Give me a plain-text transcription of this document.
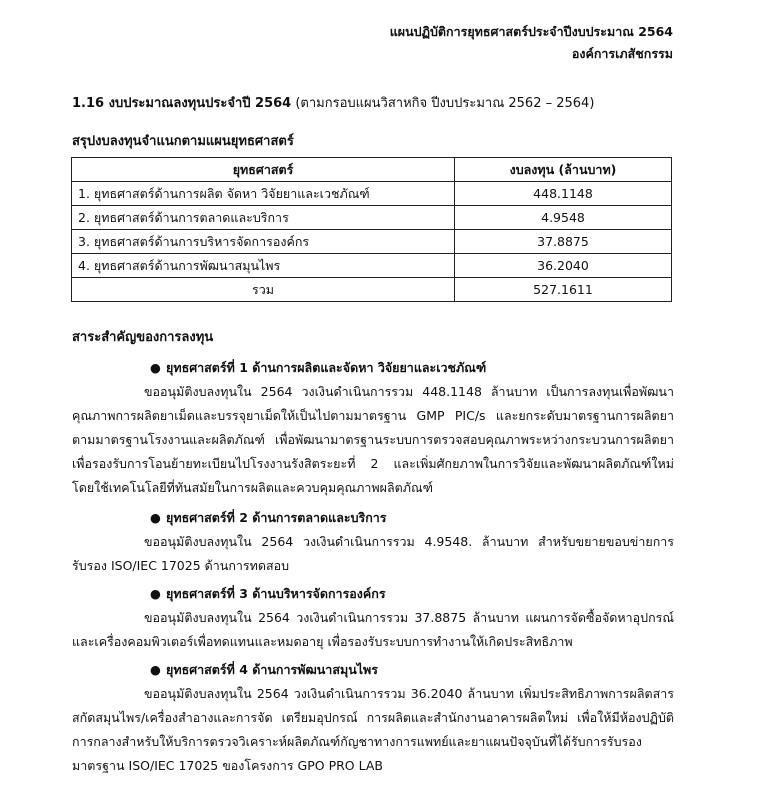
แผนปฏิบัติการยุทธศาสตร์ประจำปีงบประมาณ 2564
องค์การเภสัชกรรม
1.16 งบประมาณลงทุนประจำปี 2564 (ตามกรอบแผนวิสาหกิจ ปีงบประมาณ 2562 – 2564)
สรุปงบลงทุนจำแนกตามแผนยุทธศาสตร์
ยุทธศาสตร์	งบลงทุน (ล้านบาท)
1. ยุทธศาสตร์ด้านการผลิต จัดหา วิจัยยาและเวชภัณฑ์	448.1148
2. ยุทธศาสตร์ด้านการตลาดและบริการ	4.9548
3. ยุทธศาสตร์ด้านการบริหารจัดการองค์กร	37.8875
4. ยุทธศาสตร์ด้านการพัฒนาสมุนไพร	36.2040
รวม	527.1611
สาระสำคัญของการลงทุน
● ยุทธศาสตร์ที่ 1 ด้านการผลิตและจัดหา วิจัยยาและเวชภัณฑ์

ขออนุมัติงบลงทุนใน 2564 วงเงินดำเนินการรวม 448.1148 ล้านบาท เป็นการลงทุนเพื่อพัฒนาคุณภาพการผลิตยาเม็ดและบรรจุยาเม็ดให้เป็นไปตามมาตรฐาน GMP PIC/s และยกระดับมาตรฐานการผลิตยาตามมาตรฐานโรงงานและผลิตภัณฑ์ เพื่อพัฒนามาตรฐานระบบการตรวจสอบคุณภาพระหว่างกระบวนการผลิตยา เพื่อรองรับการโอนย้ายทะเบียนไปโรงงานรังสิตระยะที่ 2 และเพิ่มศักยภาพในการวิจัยและพัฒนาผลิตภัณฑ์ใหม่ โดยใช้เทคโนโลยีที่ทันสมัยในการผลิตและควบคุมคุณภาพผลิตภัณฑ์

● ยุทธศาสตร์ที่ 2 ด้านการตลาดและบริการ

ขออนุมัติงบลงทุนใน 2564 วงเงินดำเนินการรวม 4.9548. ล้านบาท สำหรับขยายขอบข่ายการรับรอง ISO/IEC 17025 ด้านการทดสอบ

● ยุทธศาสตร์ที่ 3 ด้านบริหารจัดการองค์กร

ขออนุมัติงบลงทุนใน 2564 วงเงินดำเนินการรวม 37.8875 ล้านบาท แผนการจัดซื้อจัดหาอุปกรณ์และเครื่องคอมพิวเตอร์เพื่อทดแทนและหมดอายุ เพื่อรองรับระบบการทำงานให้เกิดประสิทธิภาพ

● ยุทธศาสตร์ที่ 4 ด้านการพัฒนาสมุนไพร

ขออนุมัติงบลงทุนใน 2564 วงเงินดำเนินการรวม 36.2040 ล้านบาท เพิ่มประสิทธิภาพการผลิตสารสกัดสมุนไพร/เครื่องสำอางและการจัด เตรียมอุปกรณ์ การผลิตและสำนักงานอาคารผลิตใหม่ เพื่อให้มีห้องปฏิบัติการกลางสำหรับให้บริการตรวจวิเคราะห์ผลิตภัณฑ์กัญชาทางการแพทย์และยาแผนปัจจุบันที่ได้รับการรับรองมาตรฐาน ISO/IEC 17025 ของโครงการ GPO PRO LAB
